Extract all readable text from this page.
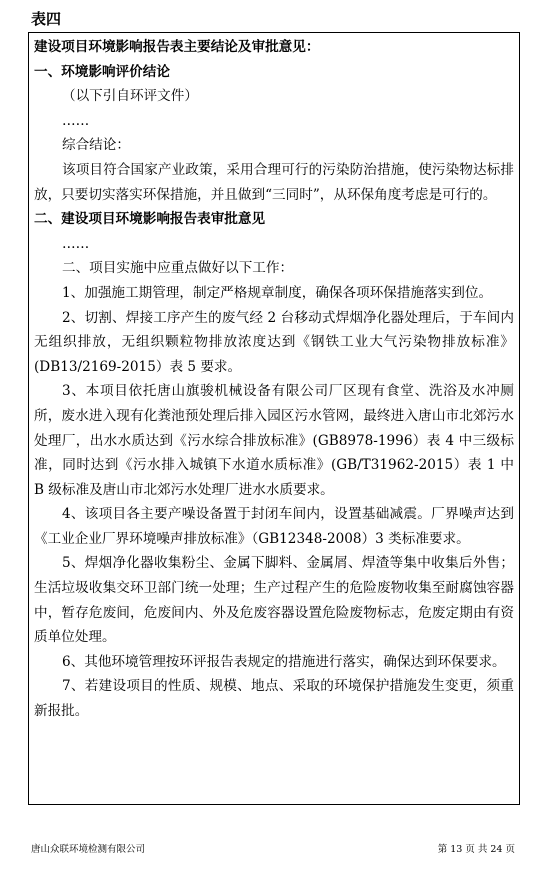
表四

建设项目环境影响报告表主要结论及审批意见：

一、环境影响评价结论

（以下引自环评文件）

……

综合结论：

该项目符合国家产业政策，采用合理可行的污染防治措施，使污染物达标排放，只要切实落实环保措施，并且做到“三同时”，从环保角度考虑是可行的。

二、建设项目环境影响报告表审批意见

……

二、项目实施中应重点做好以下工作：

1、加强施工期管理，制定严格规章制度，确保各项环保措施落实到位。

2、切割、焊接工序产生的废气经 2 台移动式焊烟净化器处理后，于车间内无组织排放，无组织颗粒物排放浓度达到《钢铁工业大气污染物排放标准》(DB13/2169-2015）表 5 要求。

3、本项目依托唐山旗骏机械设备有限公司厂区现有食堂、洗浴及水冲厕所，废水进入现有化粪池预处理后排入园区污水管网，最终进入唐山市北郊污水处理厂，出水水质达到《污水综合排放标准》(GB8978-1996）表 4 中三级标准，同时达到《污水排入城镇下水道水质标准》(GB/T31962-2015）表 1 中 B 级标准及唐山市北郊污水处理厂进水水质要求。

4、该项目各主要产噪设备置于封闭车间内，设置基础减震。厂界噪声达到《工业企业厂界环境噪声排放标准》（GB12348-2008）3 类标准要求。

5、焊烟净化器收集粉尘、金属下脚料、金属屑、焊渣等集中收集后外售；生活垃圾收集交环卫部门统一处理；生产过程产生的危险废物收集至耐腐蚀容器中，暂存危废间，危废间内、外及危废容器设置危险废物标志，危废定期由有资质单位处理。

6、其他环境管理按环评报告表规定的措施进行落实，确保达到环保要求。

7、若建设项目的性质、规模、地点、采取的环境保护措施发生变更，须重新报批。

唐山众联环境检测有限公司	第 13 页 共 24 页
